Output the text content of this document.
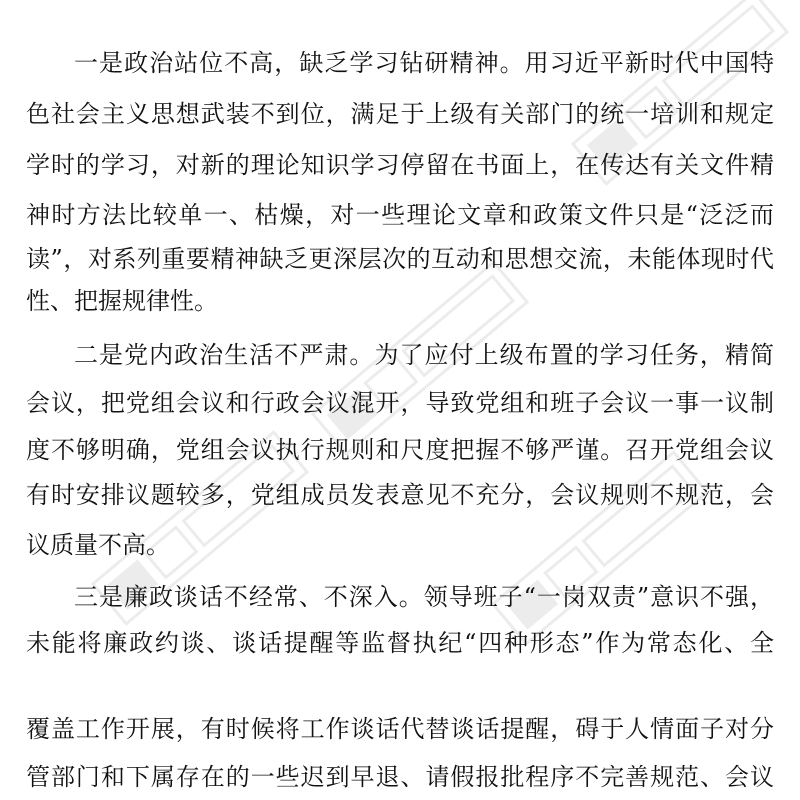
一是政治站位不高，缺乏学习钻研精神。用习近平新时代中国特
色社会主义思想武装不到位，满足于上级有关部门的统一培训和规定
学时的学习，对新的理论知识学习停留在书面上，在传达有关文件精
神时方法比较单一、枯燥，对一些理论文章和政策文件只是“泛泛而
读”，对系列重要精神缺乏更深层次的互动和思想交流，未能体现时代
性、把握规律性。
二是党内政治生活不严肃。为了应付上级布置的学习任务，精简
会议，把党组会议和行政会议混开，导致党组和班子会议一事一议制
度不够明确，党组会议执行规则和尺度把握不够严谨。召开党组会议
有时安排议题较多，党组成员发表意见不充分，会议规则不规范，会
议质量不高。
三是廉政谈话不经常、不深入。领导班子“一岗双责”意识不强，
未能将廉政约谈、谈话提醒等监督执纪“四种形态”作为常态化、全
覆盖工作开展，有时候将工作谈话代替谈话提醒，碍于人情面子对分
管部门和下属存在的一些迟到早退、请假报批程序不完善规范、会议
